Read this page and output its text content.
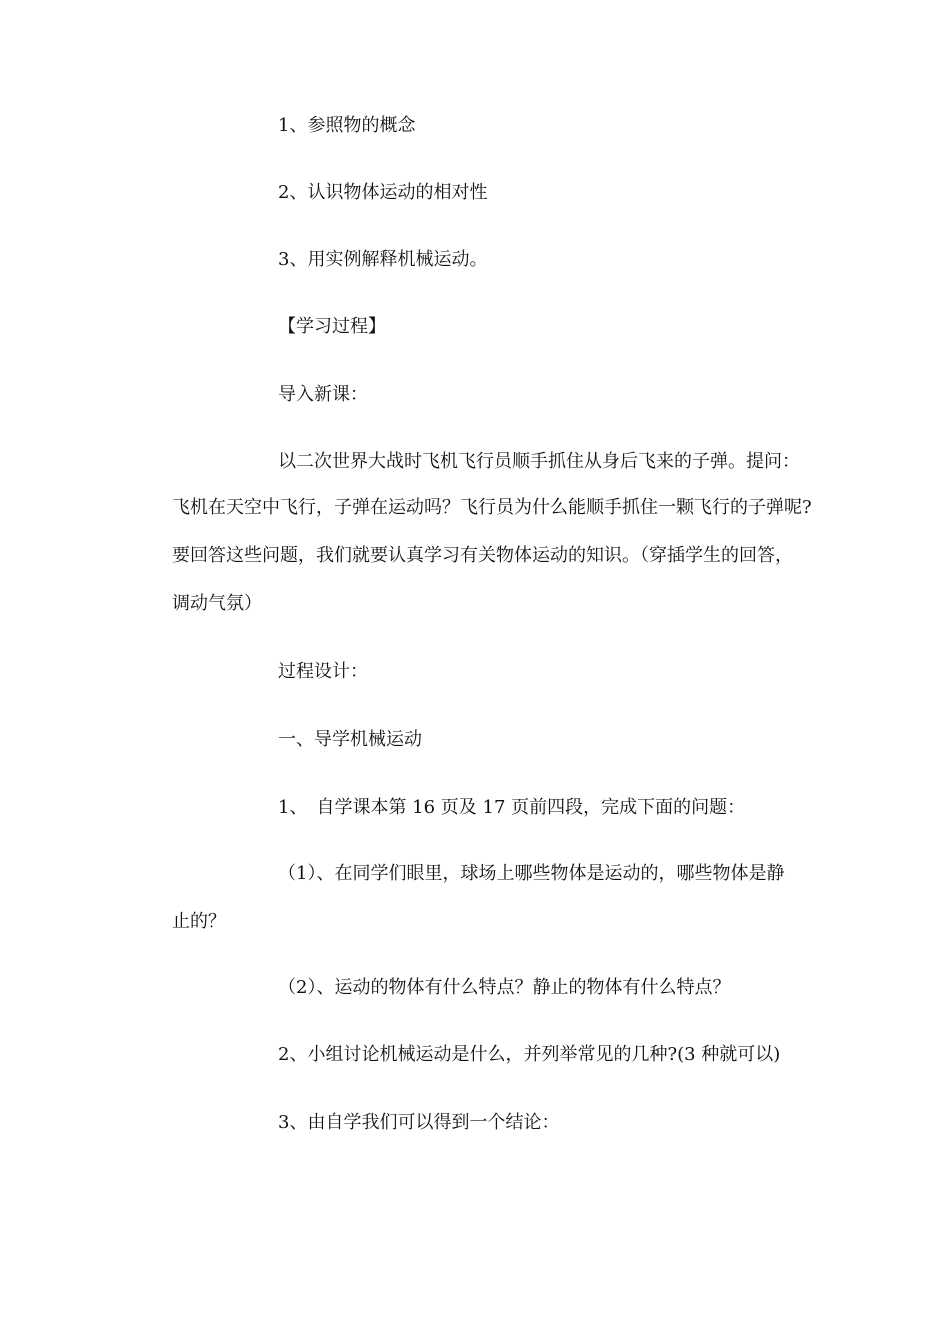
1、参照物的概念
2、认识物体运动的相对性
3、用实例解释机械运动。
【学习过程】
导入新课：
以二次世界大战时飞机飞行员顺手抓住从身后飞来的子弹。提问：
飞机在天空中飞行，子弹在运动吗？飞行员为什么能顺手抓住一颗飞行的子弹呢?
要回答这些问题，我们就要认真学习有关物体运动的知识。（穿插学生的回答，
调动气氛）
过程设计：
一、导学机械运动
1、　自学课本第 16 页及 17 页前四段，完成下面的问题：
（1）、在同学们眼里，球场上哪些物体是运动的，哪些物体是静
止的？
（2）、运动的物体有什么特点？静止的物体有什么特点？
2、小组讨论机械运动是什么，并列举常见的几种?(3 种就可以)
3、由自学我们可以得到一个结论：
